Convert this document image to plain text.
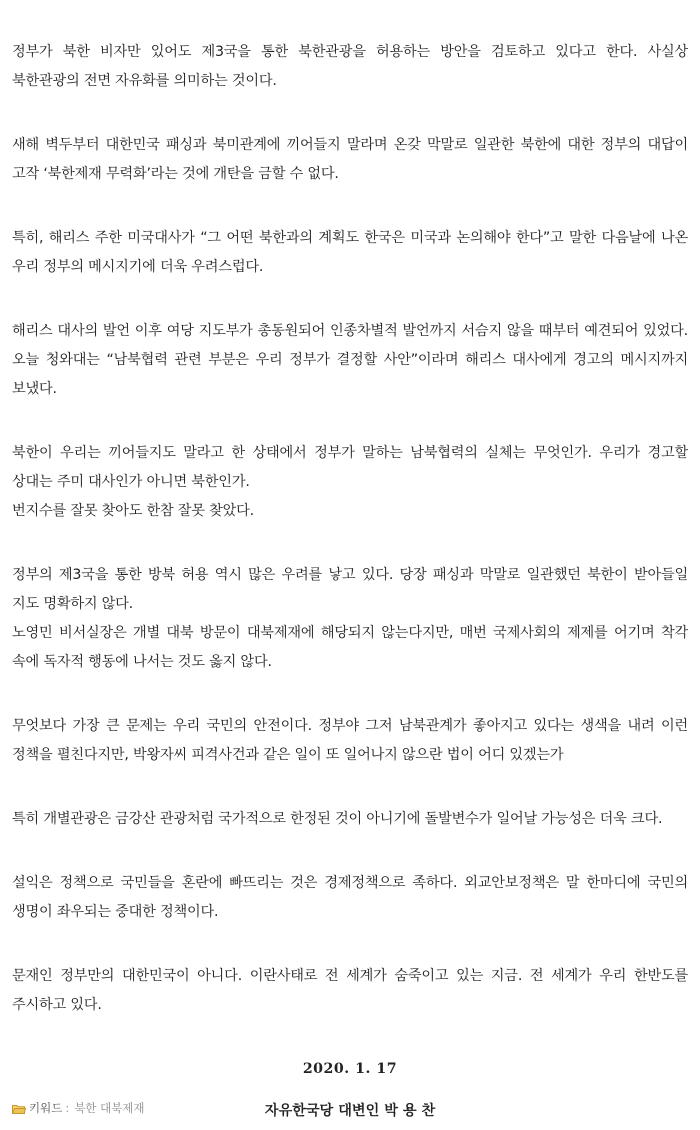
정부가 북한 비자만 있어도 제3국을 통한 북한관광을 허용하는 방안을 검토하고 있다고 한다. 사실상 북한관광의 전면 자유화를 의미하는 것이다.

새해 벽두부터 대한민국 패싱과 북미관계에 끼어들지 말라며 온갖 막말로 일관한 북한에 대한 정부의 대답이 고작 ‘북한제재 무력화’라는 것에 개탄을 금할 수 없다.

특히, 해리스 주한 미국대사가 “그 어떤 북한과의 계획도 한국은 미국과 논의해야 한다”고 말한 다음날에 나온 우리 정부의 메시지기에 더욱 우려스럽다.

해리스 대사의 발언 이후 여당 지도부가 총동원되어 인종차별적 발언까지 서슴지 않을 때부터 예견되어 있었다. 오늘 청와대는 “남북협력 관련 부분은 우리 정부가 결정할 사안”이라며 해리스 대사에게 경고의 메시지까지 보냈다.

북한이 우리는 끼어들지도 말라고 한 상태에서 정부가 말하는 남북협력의 실체는 무엇인가. 우리가 경고할 상대는 주미 대사인가 아니면 북한인가.

번지수를 잘못 찾아도 한참 잘못 찾았다.

정부의 제3국을 통한 방북 허용 역시 많은 우려를 낳고 있다. 당장 패싱과 막말로 일관했던 북한이 받아들일 지도 명확하지 않다.

노영민 비서실장은 개별 대북 방문이 대북제재에 해당되지 않는다지만, 매번 국제사회의 제제를 어기며 착각 속에 독자적 행동에 나서는 것도 옳지 않다.

무엇보다 가장 큰 문제는 우리 국민의 안전이다. 정부야 그저 남북관계가 좋아지고 있다는 생색을 내려 이런 정책을 펼친다지만, 박왕자씨 피격사건과 같은 일이 또 일어나지 않으란 법이 어디 있겠는가

특히 개별관광은 금강산 관광처럼 국가적으로 한정된 것이 아니기에 돌발변수가 일어날 가능성은 더욱 크다.

설익은 정책으로 국민들을 혼란에 빠뜨리는 것은 경제정책으로 족하다. 외교안보정책은 말 한마디에 국민의 생명이 좌우되는 중대한 정책이다.

문재인 정부만의 대한민국이 아니다. 이란사태로 전 세계가 숨죽이고 있는 지금. 전 세계가 우리 한반도를 주시하고 있다.

2020. 1. 17

자유한국당 대변인 박 용 찬

키워드 : 북한 대북제재
